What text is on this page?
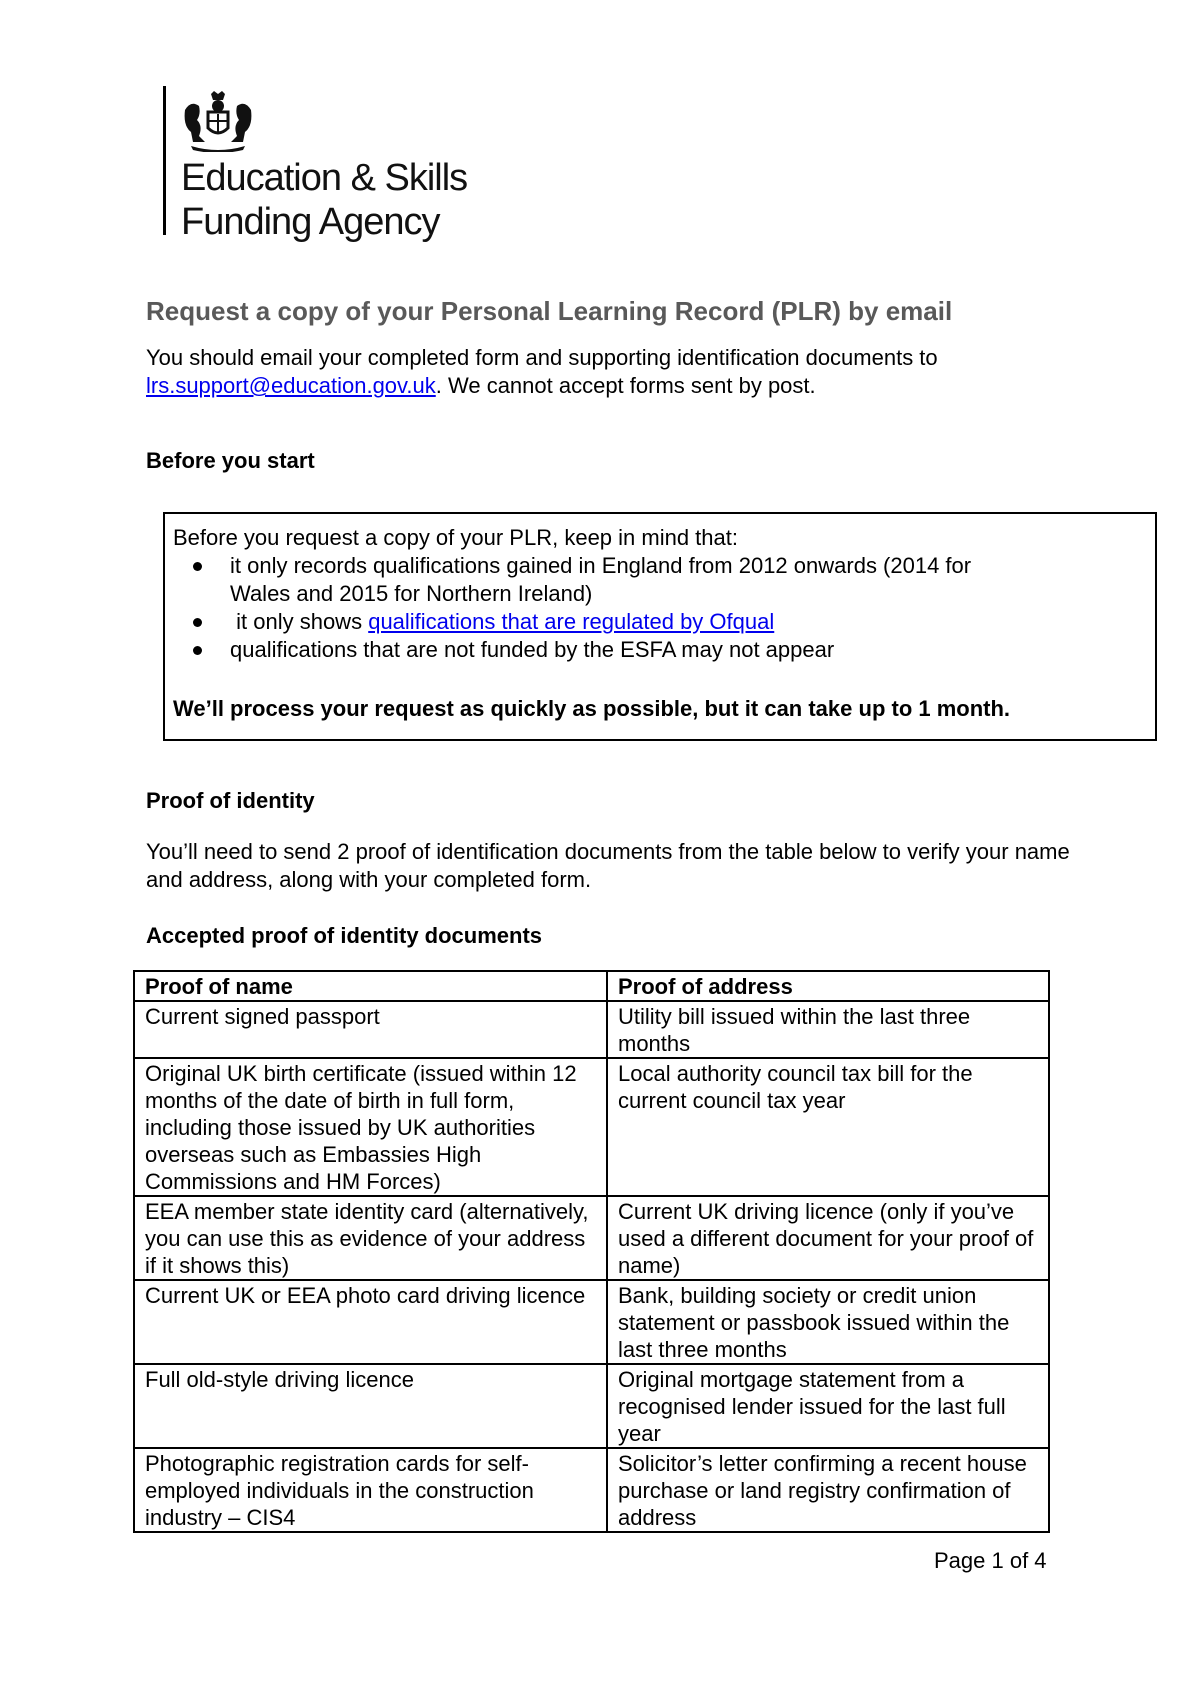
Education & Skills
Funding Agency
Request a copy of your Personal Learning Record (PLR) by email
You should email your completed form and supporting identification documents to
lrs.support@education.gov.uk. We cannot accept forms sent by post.
Before you start
Before you request a copy of your PLR, keep in mind that:
it only records qualifications gained in England from 2012 onwards (2014 for Wales and 2015 for Northern Ireland)
it only shows qualifications that are regulated by Ofqual
qualifications that are not funded by the ESFA may not appear
We’ll process your request as quickly as possible, but it can take up to 1 month.
Proof of identity
You’ll need to send 2 proof of identification documents from the table below to verify your name and address, along with your completed form.
Accepted proof of identity documents
Proof of name	Proof of address
Current signed passport	Utility bill issued within the last three months
Original UK birth certificate (issued within 12 months of the date of birth in full form, including those issued by UK authorities overseas such as Embassies High Commissions and HM Forces)	Local authority council tax bill for the current council tax year
EEA member state identity card (alternatively, you can use this as evidence of your address if it shows this)	Current UK driving licence (only if you’ve used a different document for your proof of name)
Current UK or EEA photo card driving licence	Bank, building society or credit union statement or passbook issued within the last three months
Full old-style driving licence	Original mortgage statement from a recognised lender issued for the last full year
Photographic registration cards for self-employed individuals in the construction industry – CIS4	Solicitor’s letter confirming a recent house purchase or land registry confirmation of address
Page 1 of 4
